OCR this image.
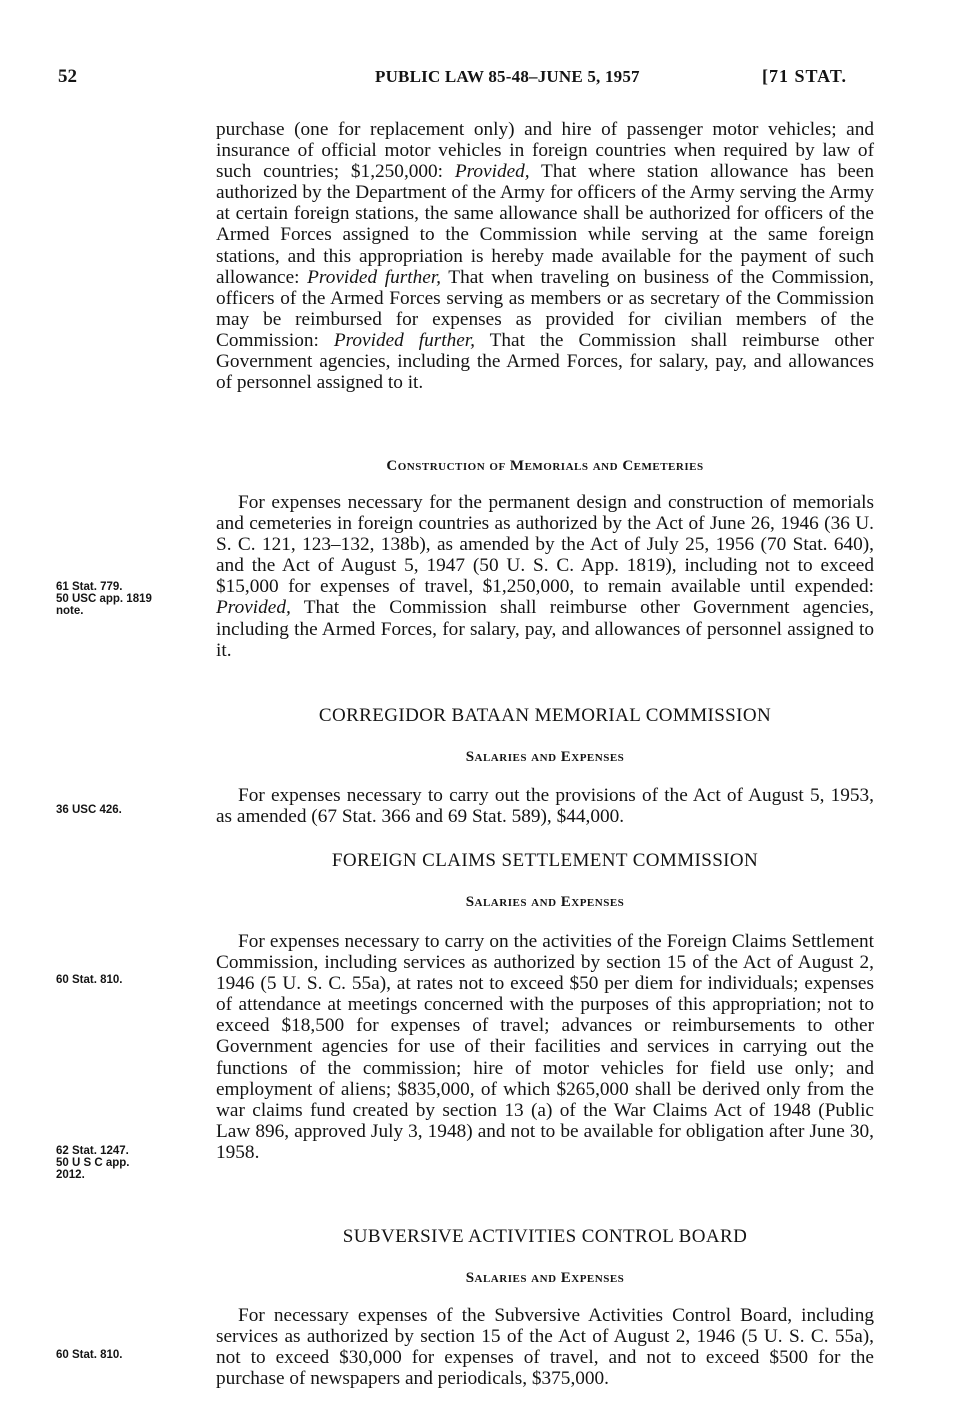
52	PUBLIC LAW 85-48–JUNE 5, 1957	[71 STAT.

purchase (one for replacement only) and hire of passenger motor vehicles; and insurance of official motor vehicles in foreign countries when required by law of such countries; $1,250,000: Provided, That where station allowance has been authorized by the Department of the Army for officers of the Army serving the Army at certain foreign stations, the same allowance shall be authorized for officers of the Armed Forces assigned to the Commission while serving at the same foreign stations, and this appropriation is hereby made available for the payment of such allowance: Provided further, That when traveling on business of the Commission, officers of the Armed Forces serving as members or as secretary of the Commission may be reimbursed for expenses as provided for civilian members of the Commission: Provided further, That the Commission shall reimburse other Government agencies, including the Armed Forces, for salary, pay, and allowances of personnel assigned to it.

Construction of Memorials and Cemeteries

For expenses necessary for the permanent design and construction of memorials and cemeteries in foreign countries as authorized by the Act of June 26, 1946 (36 U. S. C. 121, 123–132, 138b), as amended by the Act of July 25, 1956 (70 Stat. 640), and the Act of August 5, 1947 (50 U. S. C. App. 1819), including not to exceed $15,000 for expenses of travel, $1,250,000, to remain available until expended: Provided, That the Commission shall reimburse other Government agencies, including the Armed Forces, for salary, pay, and allowances of personnel assigned to it.

61 Stat. 779.
50 USC app. 1819
note.
CORREGIDOR BATAAN MEMORIAL COMMISSION
Salaries and Expenses

For expenses necessary to carry out the provisions of the Act of August 5, 1953, as amended (67 Stat. 366 and 69 Stat. 589), $44,000.

36 USC 426.
FOREIGN CLAIMS SETTLEMENT COMMISSION
Salaries and Expenses

For expenses necessary to carry on the activities of the Foreign Claims Settlement Commission, including services as authorized by section 15 of the Act of August 2, 1946 (5 U. S. C. 55a), at rates not to exceed $50 per diem for individuals; expenses of attendance at meetings concerned with the purposes of this appropriation; not to exceed $18,500 for expenses of travel; advances or reimbursements to other Government agencies for use of their facilities and services in carrying out the functions of the commission; hire of motor vehicles for field use only; and employment of aliens; $835,000, of which $265,000 shall be derived only from the war claims fund created by section 13 (a) of the War Claims Act of 1948 (Public Law 896, approved July 3, 1948) and not to be available for obligation after June 30, 1958.

60 Stat. 810.
62 Stat. 1247.
50 U S C app.
2012.
SUBVERSIVE ACTIVITIES CONTROL BOARD
Salaries and Expenses

For necessary expenses of the Subversive Activities Control Board, including services as authorized by section 15 of the Act of August 2, 1946 (5 U. S. C. 55a), not to exceed $30,000 for expenses of travel, and not to exceed $500 for the purchase of newspapers and periodicals, $375,000.

60 Stat. 810.
